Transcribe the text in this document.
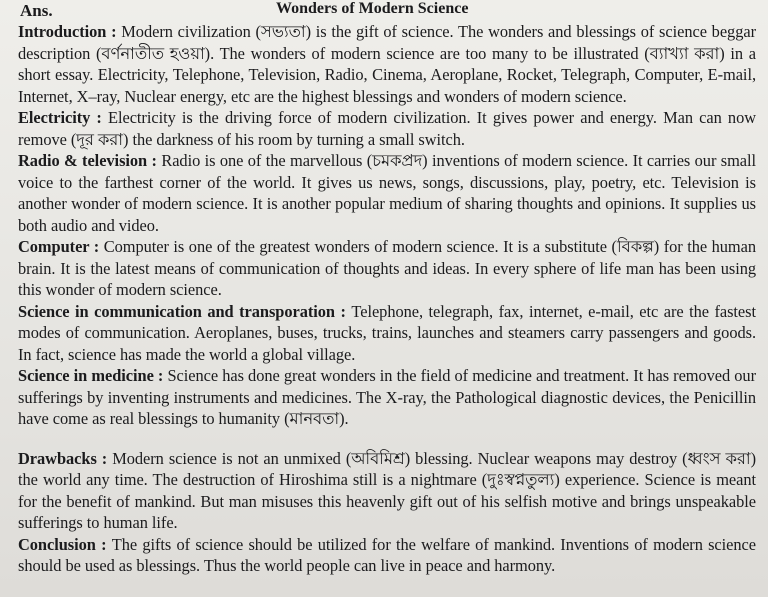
Ans.	Wonders of Modern Science

Introduction : Modern civilization (সভ্যতা) is the gift of science. The wonders and blessings of science beggar description (বর্ণনাতীত হওয়া). The wonders of modern science are too many to be illustrated (ব্যাখ্যা করা) in a short essay. Electricity, Telephone, Television, Radio, Cinema, Aeroplane, Rocket, Telegraph, Computer, E-mail, Internet, X–ray, Nuclear energy, etc are the highest blessings and wonders of modern science.

Electricity : Electricity is the driving force of modern civilization. It gives power and energy. Man can now remove (দূর করা) the darkness of his room by turning a small switch.

Radio & television : Radio is one of the marvellous (চমকপ্রদ) inventions of modern science. It carries our small voice to the farthest corner of the world. It gives us news, songs, discussions, play, poetry, etc. Television is another wonder of modern science. It is another popular medium of sharing thoughts and opinions. It supplies us both audio and video.

Computer : Computer is one of the greatest wonders of modern science. It is a substitute (বিকল্প) for the human brain. It is the latest means of communication of thoughts and ideas. In every sphere of life man has been using this wonder of modern science.

Science in communication and transporation : Telephone, telegraph, fax, internet, e-mail, etc are the fastest modes of communication. Aeroplanes, buses, trucks, trains, launches and steamers carry passengers and goods. In fact, science has made the world a global village.

Science in medicine : Science has done great wonders in the field of medicine and treatment. It has removed our sufferings by inventing instruments and medicines. The X-ray, the Pathological diagnostic devices, the Penicillin have come as real blessings to humanity (মানবতা).

Drawbacks : Modern science is not an unmixed (অবিমিশ্র) blessing. Nuclear weapons may destroy (ধ্বংস করা) the world any time. The destruction of Hiroshima still is a nightmare (দুঃস্বপ্নতুল্য) experience. Science is meant for the benefit of mankind. But man misuses this heavenly gift out of his selfish motive and brings unspeakable sufferings to human life.

Conclusion : The gifts of science should be utilized for the welfare of mankind. Inventions of modern science should be used as blessings. Thus the world people can live in peace and harmony.
